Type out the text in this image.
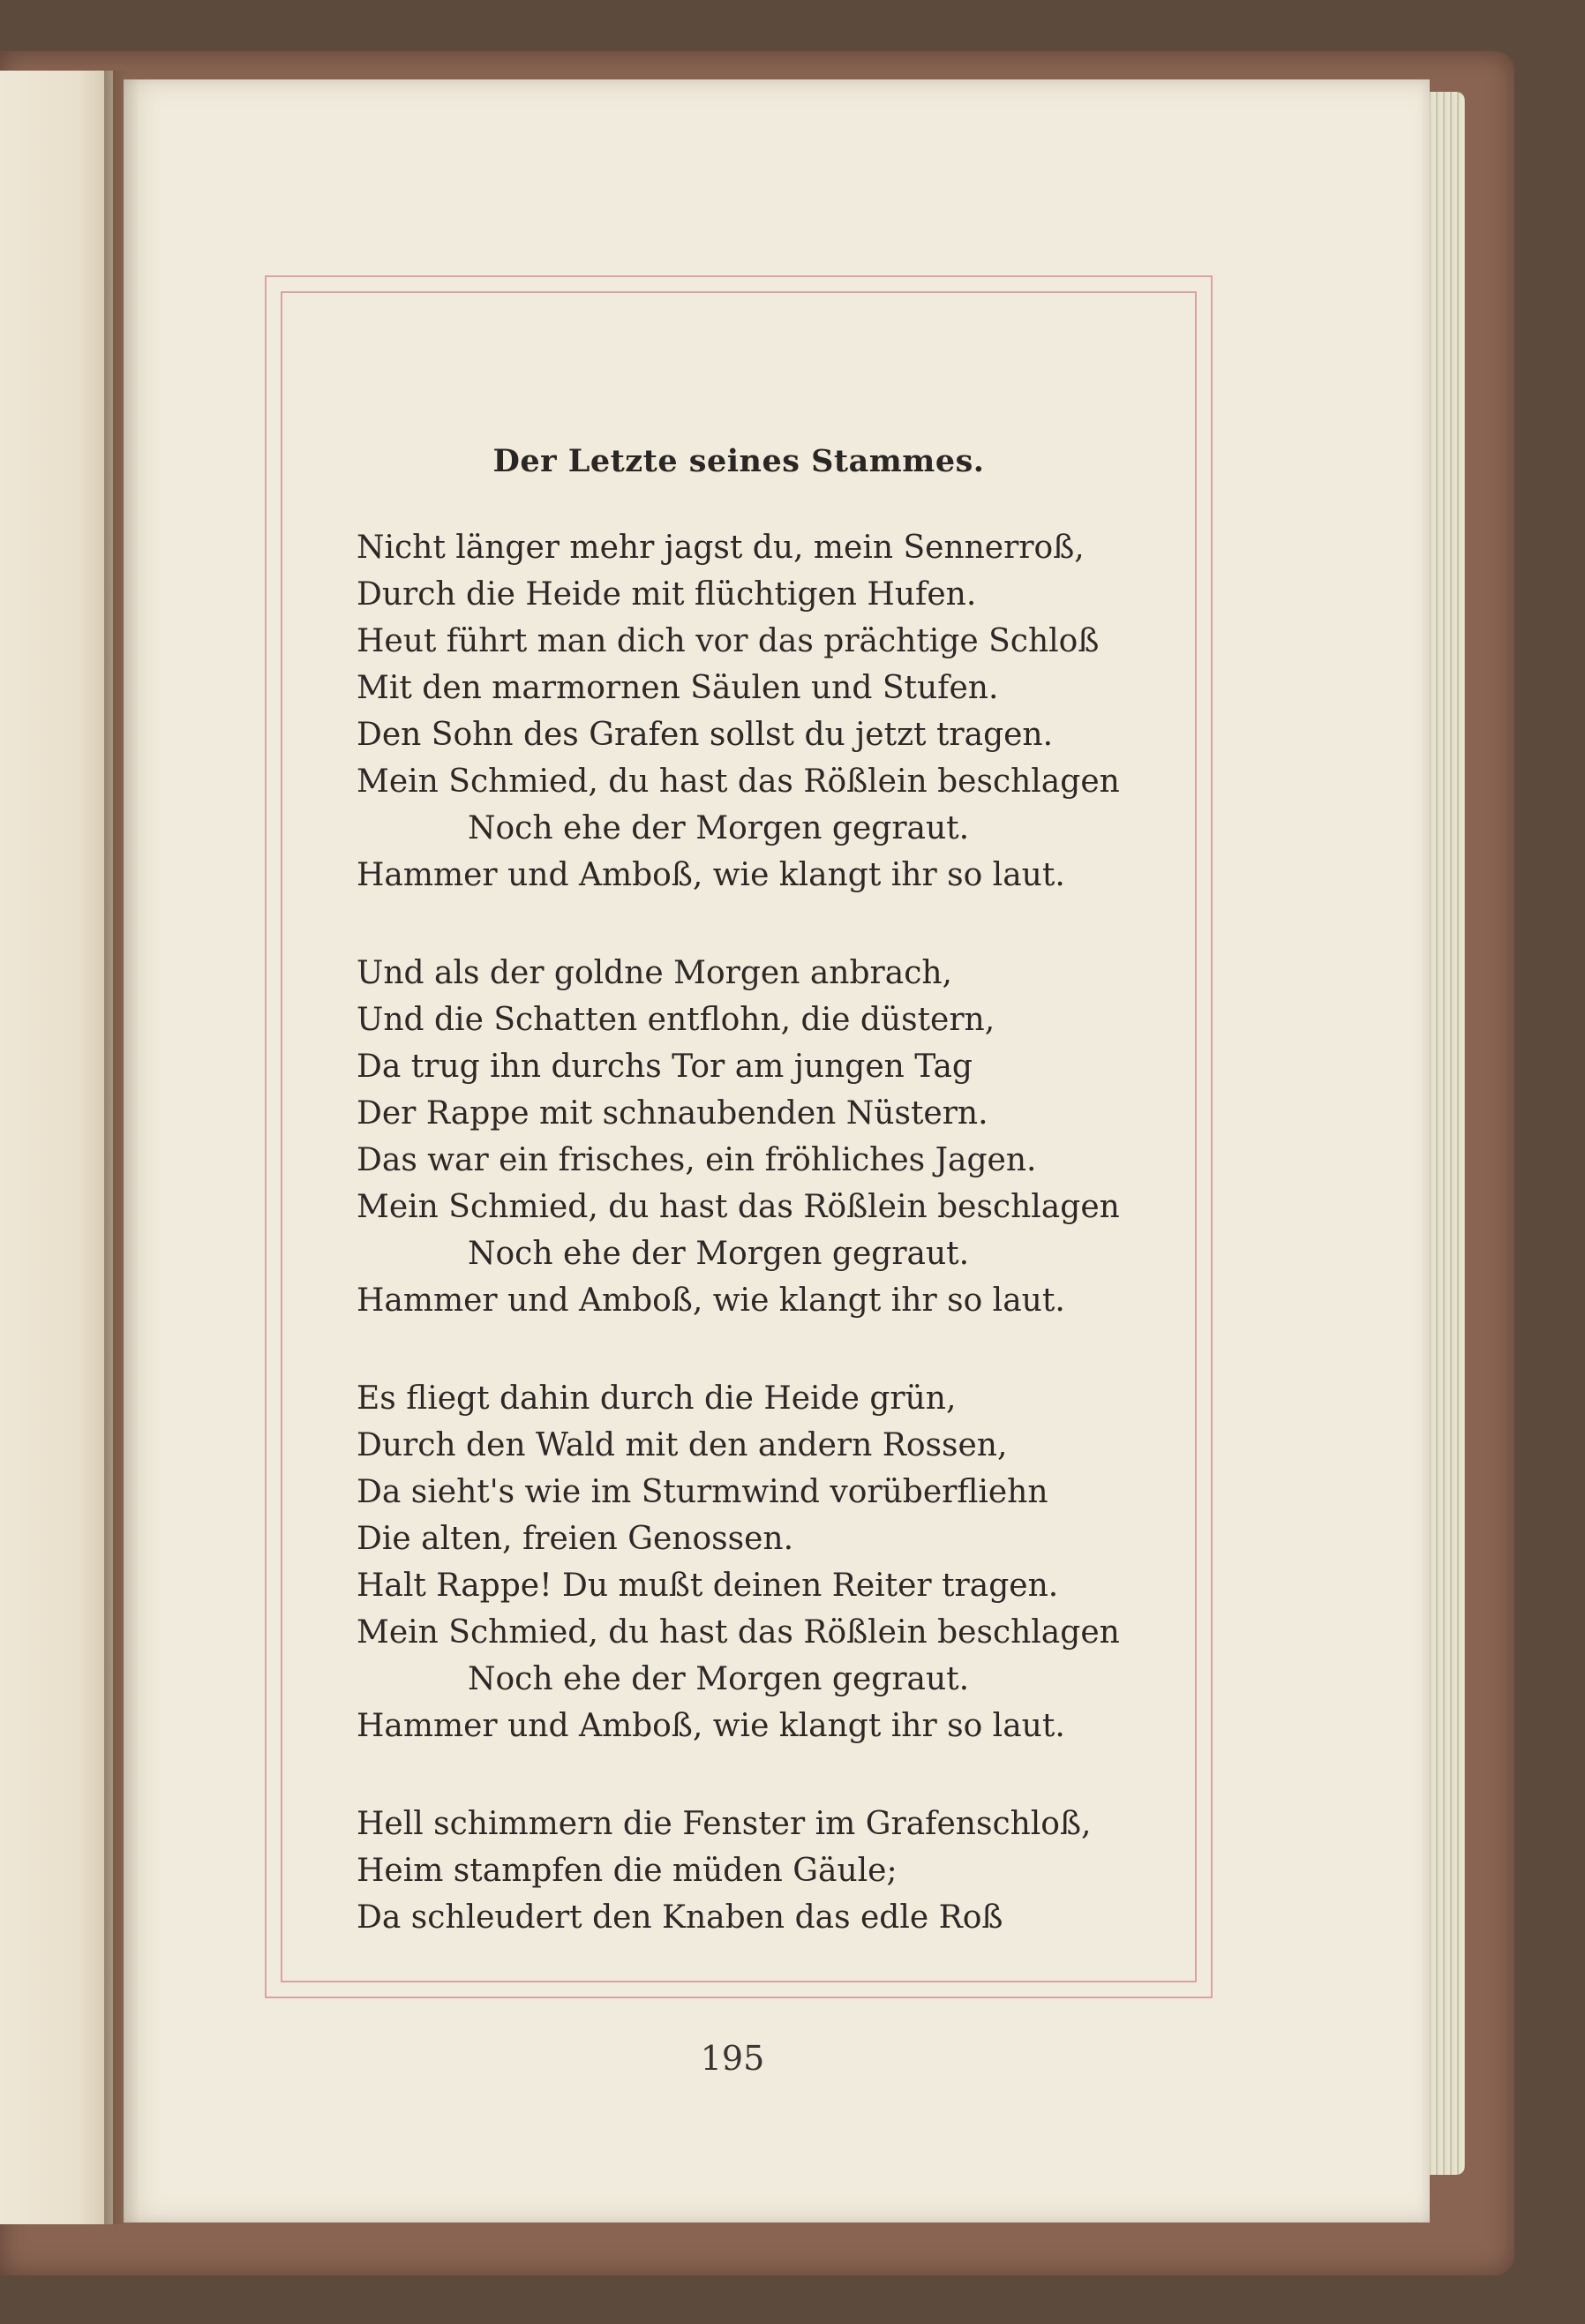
Der Letzte seines Stammes.
Nicht länger mehr jagst du, mein Sennerroß,
Durch die Heide mit flüchtigen Hufen.
Heut führt man dich vor das prächtige Schloß
Mit den marmornen Säulen und Stufen.
Den Sohn des Grafen sollst du jetzt tragen.
Mein Schmied, du hast das Rößlein beschlagen
Noch ehe der Morgen gegraut.
Hammer und Amboß, wie klangt ihr so laut.
Und als der goldne Morgen anbrach,
Und die Schatten entflohn, die düstern,
Da trug ihn durchs Tor am jungen Tag
Der Rappe mit schnaubenden Nüstern.
Das war ein frisches, ein fröhliches Jagen.
Mein Schmied, du hast das Rößlein beschlagen
Noch ehe der Morgen gegraut.
Hammer und Amboß, wie klangt ihr so laut.
Es fliegt dahin durch die Heide grün,
Durch den Wald mit den andern Rossen,
Da sieht's wie im Sturmwind vorüberfliehn
Die alten, freien Genossen.
Halt Rappe! Du mußt deinen Reiter tragen.
Mein Schmied, du hast das Rößlein beschlagen
Noch ehe der Morgen gegraut.
Hammer und Amboß, wie klangt ihr so laut.
Hell schimmern die Fenster im Grafenschloß,
Heim stampfen die müden Gäule;
Da schleudert den Knaben das edle Roß
195
